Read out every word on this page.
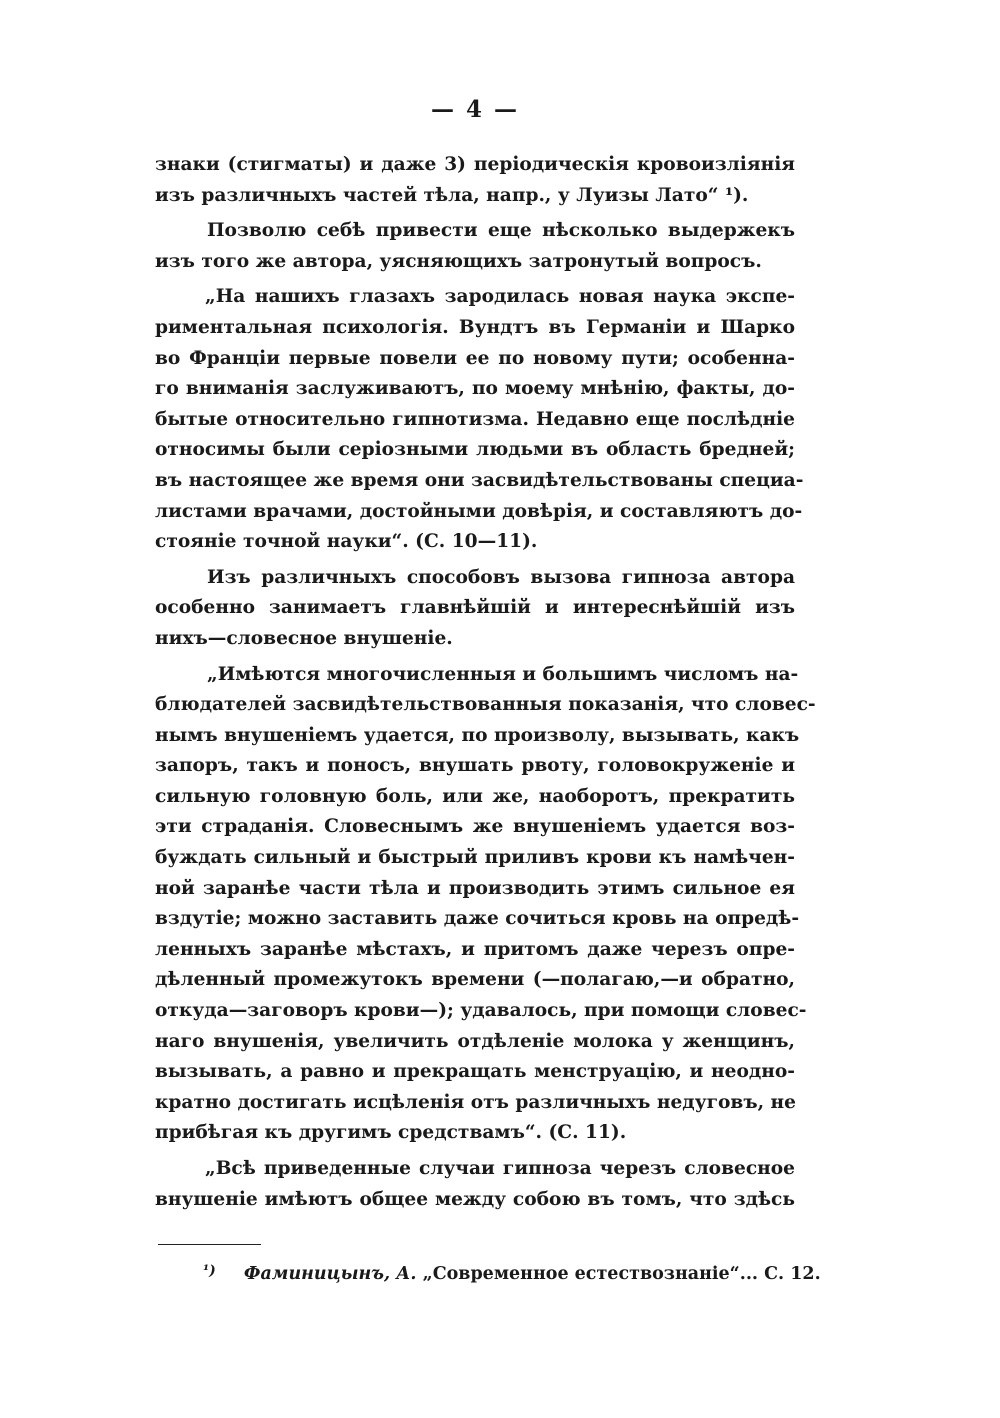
— 4 —
знаки (стигматы) и даже 3) періодическія кровоизліянія
изъ различныхъ частей тѣла, напр., у Луизы Лато“ ¹).
Позволю себѣ привести еще нѣсколько выдержекъ
изъ того же автора, уясняющихъ затронутый вопросъ.
„На нашихъ глазахъ зародилась новая наука экспе-
риментальная психологія. Вундтъ въ Германіи и Шарко
во Франціи первые повели ее по новому пути; особенна-
го вниманія заслуживаютъ, по моему мнѣнію, факты, до-
бытые относительно гипнотизма. Недавно еще послѣдніе
относимы были серіозными людьми въ область бредней;
въ настоящее же время они засвидѣтельствованы специа-
листами врачами, достойными довѣрія, и составляютъ до-
стояніе точной науки“. (С. 10—11).
Изъ различныхъ способовъ вызова гипноза автора
особенно занимаетъ главнѣйшій и интереснѣйшій изъ
нихъ—словесное внушеніе.
„Имѣются многочисленныя и большимъ числомъ на-
блюдателей засвидѣтельствованныя показанія, что словес-
нымъ внушеніемъ удается, по произволу, вызывать, какъ
запоръ, такъ и поносъ, внушать рвоту, головокруженіе и
сильную головную боль, или же, наоборотъ, прекратить
эти страданія. Словеснымъ же внушеніемъ удается воз-
буждать сильный и быстрый приливъ крови къ намѣчен-
ной заранѣе части тѣла и производить этимъ сильное ея
вздутіе; можно заставить даже сочиться кровь на опредѣ-
ленныхъ заранѣе мѣстахъ, и притомъ даже черезъ опре-
дѣленный промежутокъ времени (—полагаю,—и обратно,
откуда—заговоръ крови—); удавалось, при помощи словес-
наго внушенія, увеличить отдѣленіе молока у женщинъ,
вызывать, а равно и прекращать менструацію, и неодно-
кратно достигать исцѣленія отъ различныхъ недуговъ, не
прибѣгая къ другимъ средствамъ“. (С. 11).
„Всѣ приведенные случаи гипноза черезъ словесное
внушеніе имѣютъ общее между собою въ томъ, что здѣсь
$^{^1)}$ Фаминицынъ, А. „Современное естествознаніе“... С. 12.
